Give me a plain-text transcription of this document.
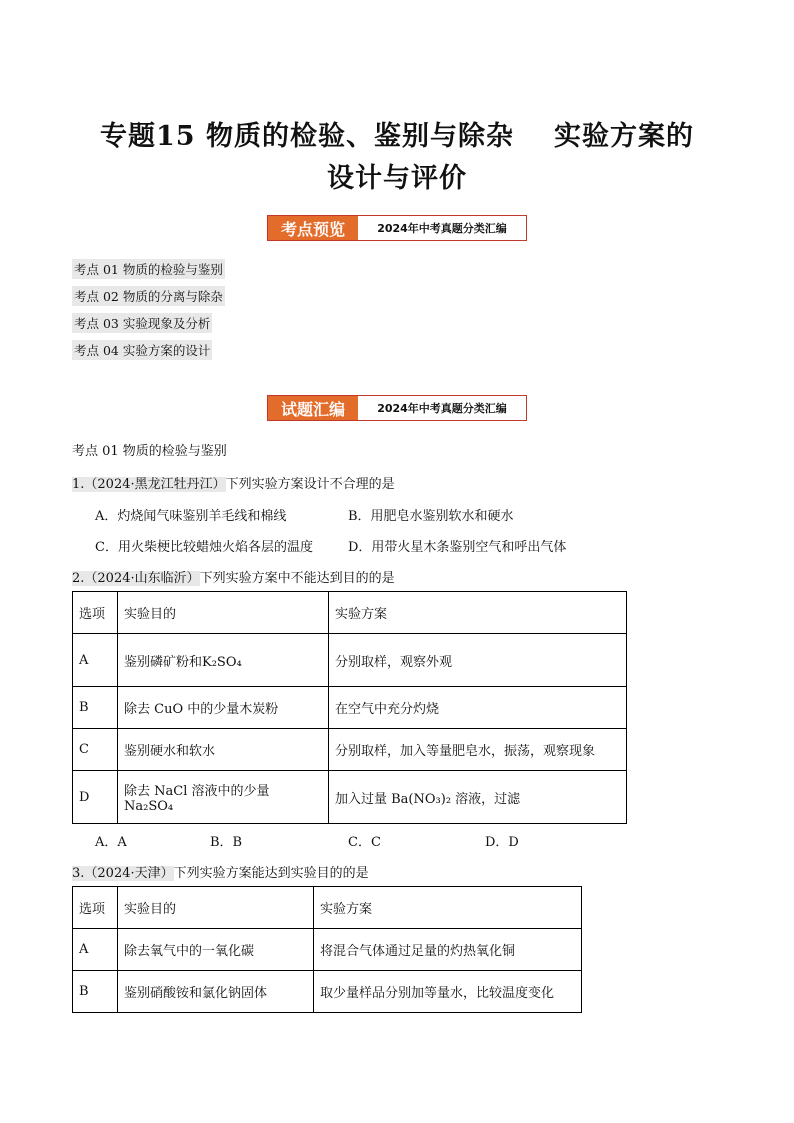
专题15 物质的检验、鉴别与除杂 实验方案的
设计与评价
考点预览	2024年中考真题分类汇编
考点 01 物质的检验与鉴别
考点 02 物质的分离与除杂
考点 03 实验现象及分析
考点 04 实验方案的设计
试题汇编	2024年中考真题分类汇编
考点 01 物质的检验与鉴别
1.（2024·黑龙江牡丹江）下列实验方案设计不合理的是
A．灼烧闻气味鉴别羊毛线和棉线	B．用肥皂水鉴别软水和硬水
C．用火柴梗比较蜡烛火焰各层的温度	D．用带火星木条鉴别空气和呼出气体
2.（2024·山东临沂）下列实验方案中不能达到目的的是
选项	实验目的	实验方案
A	鉴别磷矿粉和K₂SO₄	分别取样，观察外观
B	除去 CuO 中的少量木炭粉	在空气中充分灼烧
C	鉴别硬水和软水	分别取样，加入等量肥皂水，振荡，观察现象
D	除去 NaCl 溶液中的少量 Na₂SO₄	加入过量 Ba(NO₃)₂ 溶液，过滤
A．A	B．B	C．C	D．D
3.（2024·天津）下列实验方案能达到实验目的的是
选项	实验目的	实验方案
A	除去氧气中的一氧化碳	将混合气体通过足量的灼热氧化铜
B	鉴别硝酸铵和氯化钠固体	取少量样品分别加等量水，比较温度变化
